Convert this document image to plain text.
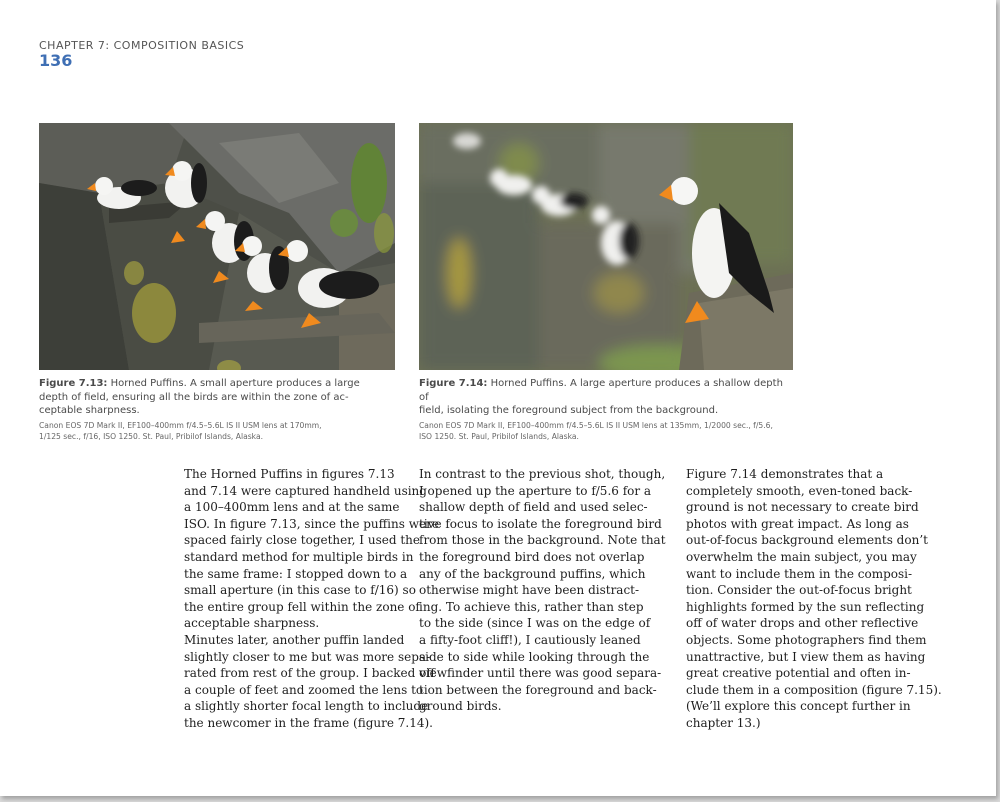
CHAPTER 7: COMPOSITION BASICS
136

Figure 7.13: Horned Puffins. A small aperture produces a large
depth of field, ensuring all the birds are within the zone of ac-
ceptable sharpness.

Canon EOS 7D Mark II, EF100–400mm f/4.5–5.6L IS II USM lens at 170mm,
1/125 sec., f/16, ISO 1250. St. Paul, Pribilof Islands, Alaska.

Figure 7.14: Horned Puffins. A large aperture produces a shallow depth of
field, isolating the foreground subject from the background.

Canon EOS 7D Mark II, EF100–400mm f/4.5–5.6L IS II USM lens at 135mm, 1/2000 sec., f/5.6,
ISO 1250. St. Paul, Pribilof Islands, Alaska.

The Horned Puffins in figures 7.13
and 7.14 were captured handheld using
a 100–400mm lens and at the same
ISO. In figure 7.13, since the puffins were
spaced fairly close together, I used the
standard method for multiple birds in
the same frame: I stopped down to a
small aperture (in this case to f/16) so
the entire group fell within the zone of
acceptable sharpness.

Minutes later, another puffin landed
slightly closer to me but was more sepa-
rated from rest of the group. I backed off
a couple of feet and zoomed the lens to
a slightly shorter focal length to include
the newcomer in the frame (figure 7.14).

In contrast to the previous shot, though,
I opened up the aperture to f/5.6 for a
shallow depth of field and used selec-
tive focus to isolate the foreground bird
from those in the background. Note that
the foreground bird does not overlap
any of the background puffins, which
otherwise might have been distract-
ing. To achieve this, rather than step
to the side (since I was on the edge of
a fifty-foot cliff!), I cautiously leaned
side to side while looking through the
viewfinder until there was good separa-
tion between the foreground and back-
ground birds.

Figure 7.14 demonstrates that a
completely smooth, even-toned back-
ground is not necessary to create bird
photos with great impact. As long as
out-of-focus background elements don’t
overwhelm the main subject, you may
want to include them in the composi-
tion. Consider the out-of-focus bright
highlights formed by the sun reflecting
off of water drops and other reflective
objects. Some photographers find them
unattractive, but I view them as having
great creative potential and often in-
clude them in a composition (figure 7.15).
(We’ll explore this concept further in
chapter 13.)
